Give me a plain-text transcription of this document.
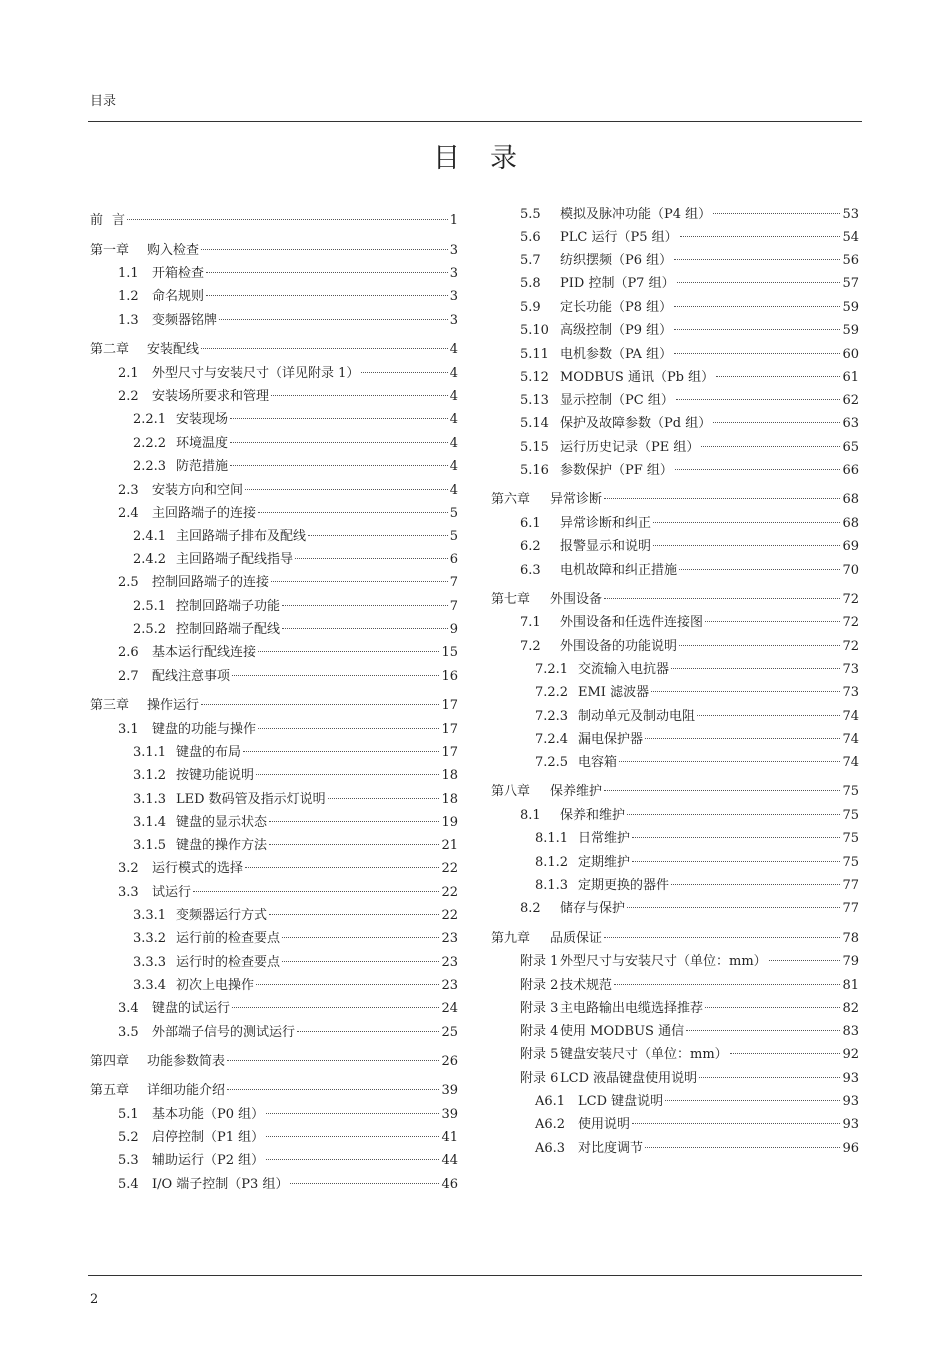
目录
目录
前 言	1
第一章	购入检查	3
1.1	开箱检查	3
1.2	命名规则	3
1.3	变频器铭牌	3
第二章	安装配线	4
2.1	外型尺寸与安装尺寸（详见附录 1）	4
2.2	安装场所要求和管理	4
2.2.1 安装现场	4
2.2.2 环境温度	4
2.2.3 防范措施	4
2.3	安装方向和空间	4
2.4	主回路端子的连接	5
2.4.1 主回路端子排布及配线	5
2.4.2 主回路端子配线指导	6
2.5	控制回路端子的连接	7
2.5.1 控制回路端子功能	7
2.5.2 控制回路端子配线	9
2.6	基本运行配线连接	15
2.7	配线注意事项	16
第三章	操作运行	17
3.1	键盘的功能与操作	17
3.1.1 键盘的布局	17
3.1.2 按键功能说明	18
3.1.3 LED 数码管及指示灯说明	18
3.1.4 键盘的显示状态	19
3.1.5 键盘的操作方法	21
3.2	运行模式的选择	22
3.3	试运行	22
3.3.1 变频器运行方式	22
3.3.2 运行前的检查要点	23
3.3.3 运行时的检查要点	23
3.3.4 初次上电操作	23
3.4	键盘的试运行	24
3.5	外部端子信号的测试运行	25
第四章	功能参数简表	26
第五章	详细功能介绍	39
5.1	基本功能（P0 组）	39
5.2	启停控制（P1 组）	41
5.3	辅助运行（P2 组）	44
5.4	I/O 端子控制（P3 组）	46
5.5	模拟及脉冲功能（P4 组）	53
5.6	PLC 运行（P5 组）	54
5.7	纺织摆频（P6 组）	56
5.8	PID 控制（P7 组）	57
5.9	定长功能（P8 组）	59
5.10 高级控制（P9 组）	59
5.11 电机参数（PA 组）	60
5.12 MODBUS 通讯（Pb 组）	61
5.13 显示控制（PC 组）	62
5.14 保护及故障参数（Pd 组）	63
5.15 运行历史记录（PE 组）	65
5.16 参数保护（PF 组）	66
第六章	异常诊断	68
6.1	异常诊断和纠正	68
6.2	报警显示和说明	69
6.3	电机故障和纠正措施	70
第七章	外围设备	72
7.1	外围设备和任选件连接图	72
7.2	外围设备的功能说明	72
7.2.1 交流输入电抗器	73
7.2.2 EMI 滤波器	73
7.2.3 制动单元及制动电阻	74
7.2.4 漏电保护器	74
7.2.5 电容箱	74
第八章	保养维护	75
8.1	保养和维护	75
8.1.1 日常维护	75
8.1.2 定期维护	75
8.1.3 定期更换的器件	77
8.2	储存与保护	77
第九章	品质保证	78
附录 1 外型尺寸与安装尺寸（单位：mm）	79
附录 2 技术规范	81
附录 3 主电路输出电缆选择推荐	82
附录 4 使用 MODBUS 通信	83
附录 5 键盘安装尺寸（单位：mm）	92
附录 6 LCD 液晶键盘使用说明	93
A6.1 LCD 键盘说明	93
A6.2 使用说明	93
A6.3 对比度调节	96
2
